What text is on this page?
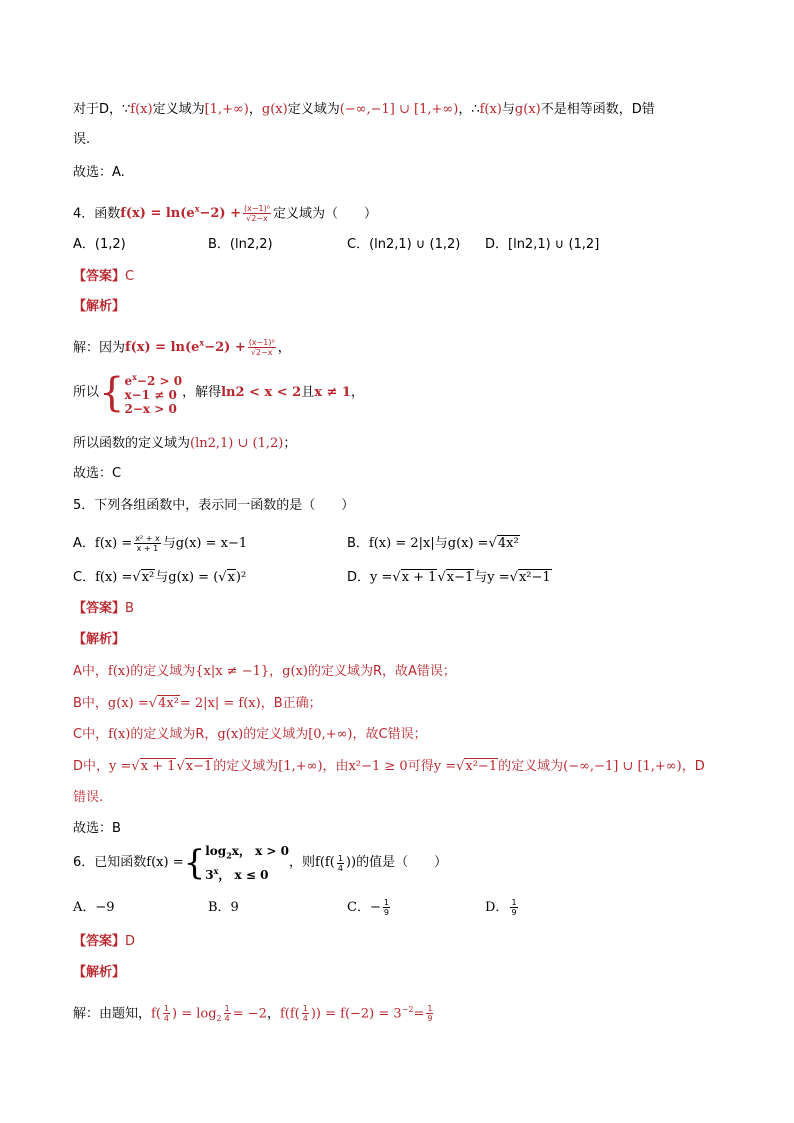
对于D，∵f(x)定义域为[1,+∞)，g(x)定义域为(−∞,−1] ∪ [1,+∞)，∴f(x)与g(x)不是相等函数，D错
误.
故选：A.
4．函数$f(x) = \ln(e^x-2) + \frac{\text{(x−1)⁰}}{√2-x}$ 定义域为（　　）
A．(1,2)	B．(ln2,2)	C．(ln2,1) ∪ (1,2) D．[ln2,1) ∪ (1,2]
【答案】C
【解析】
解：因为$f(x) = \ln(e^x-2) + \frac{\text{(x−1)⁰}}{√2-x}$ ，
所以{ $e^x-2 > 0$
x−1 ≠ 0
2−x > 0
，解得ln2 < x < 2且x ≠ 1，
所以函数的定义域为(ln2,1) ∪ (1,2)；
故选：C
5．下列各组函数中，表示同一函数的是（　　）
A．$f(x) = \frac{\text{x² + x}}{x + 1}$ 与g(x) = x−1	B．f(x) = 2|x|与g(x) =√4x²
C．f(x) =√x²与g(x) = (√x)²	D．y =√x + 1√x−1与y =√x²−1
【答案】B
【解析】
A中，f(x)的定义域为{x|x ≠ −1}，g(x)的定义域为R，故A错误；
B中，g(x) =√4x²= 2|x| = f(x)，B正确；
C中，f(x)的定义域为R，g(x)的定义域为[0,+∞)，故C错误；
D中，y =√x + 1√x−1的定义域为[1,+∞)，由x²−1 ≥ 0可得y =√x²−1的定义域为(−∞,−1] ∪ [1,+∞)，D
错误.
故选：B
6．已知函数f(x) ={ $\log_2x$， x > 0
3$^x$， x ≤ 0
，则$f(f( \frac{1}{4}$ ))的值是（　　）
A．−9	B．9	C．− $\frac{1}{9}$	D． $\frac{1}{9}$
【答案】D
【解析】
解：由题知，$f( \frac{1}{4}$ ) = $\log_2 \frac{1}{4} = -2$，$f(f( \frac{1}{4}$ )) = $f(-2) = 3^{-2}= \frac{1}{9}$
